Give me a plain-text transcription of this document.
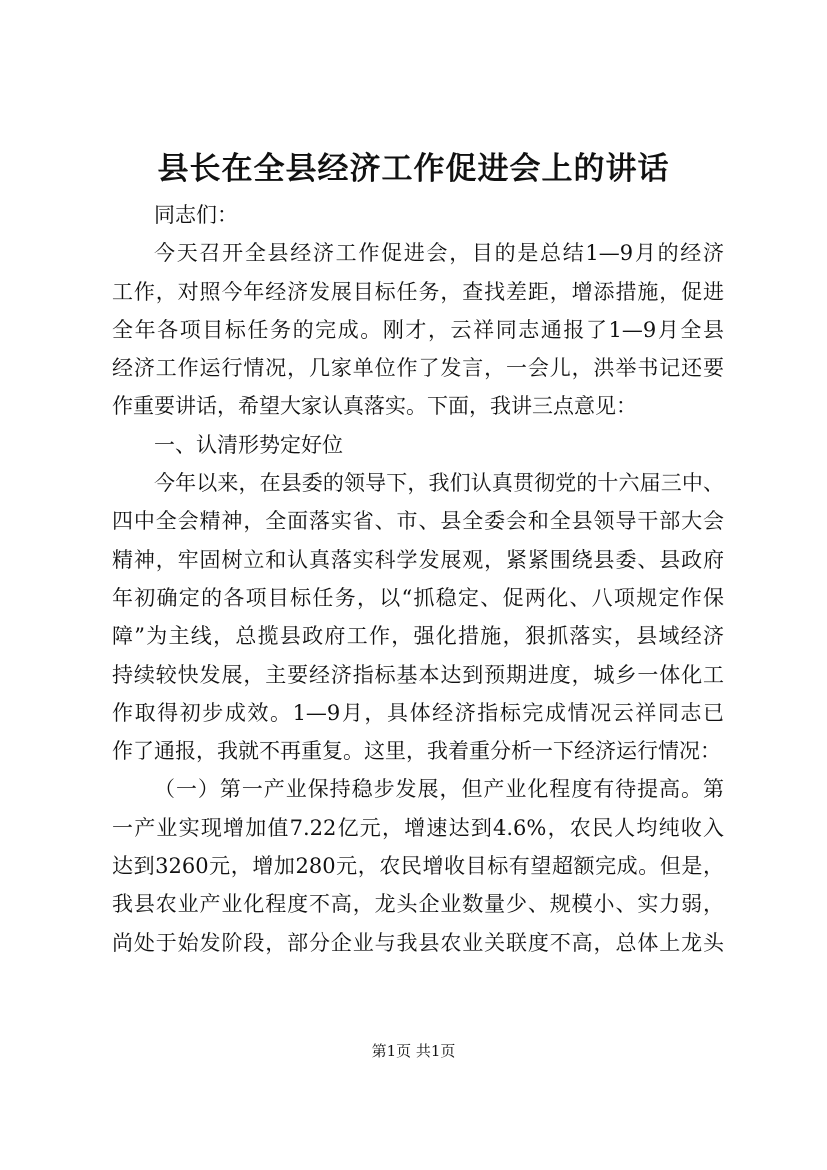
县长在全县经济工作促进会上的讲话
同志们：
今天召开全县经济工作促进会，目的是总结1—9月的经济
工作，对照今年经济发展目标任务，查找差距，增添措施，促进
全年各项目标任务的完成。刚才，云祥同志通报了1—9月全县
经济工作运行情况，几家单位作了发言，一会儿，洪举书记还要
作重要讲话，希望大家认真落实。下面，我讲三点意见：
一、认清形势定好位
今年以来，在县委的领导下，我们认真贯彻党的十六届三中、
四中全会精神，全面落实省、市、县全委会和全县领导干部大会
精神，牢固树立和认真落实科学发展观，紧紧围绕县委、县政府
年初确定的各项目标任务，以“抓稳定、促两化、八项规定作保
障”为主线，总揽县政府工作，强化措施，狠抓落实，县域经济
持续较快发展，主要经济指标基本达到预期进度，城乡一体化工
作取得初步成效。1—9月，具体经济指标完成情况云祥同志已
作了通报，我就不再重复。这里，我着重分析一下经济运行情况：
（一）第一产业保持稳步发展，但产业化程度有待提高。第
一产业实现增加值7.22亿元，增速达到4.6%，农民人均纯收入
达到3260元，增加280元，农民增收目标有望超额完成。但是，
我县农业产业化程度不高，龙头企业数量少、规模小、实力弱，
尚处于始发阶段，部分企业与我县农业关联度不高，总体上龙头
第1页 共1页
